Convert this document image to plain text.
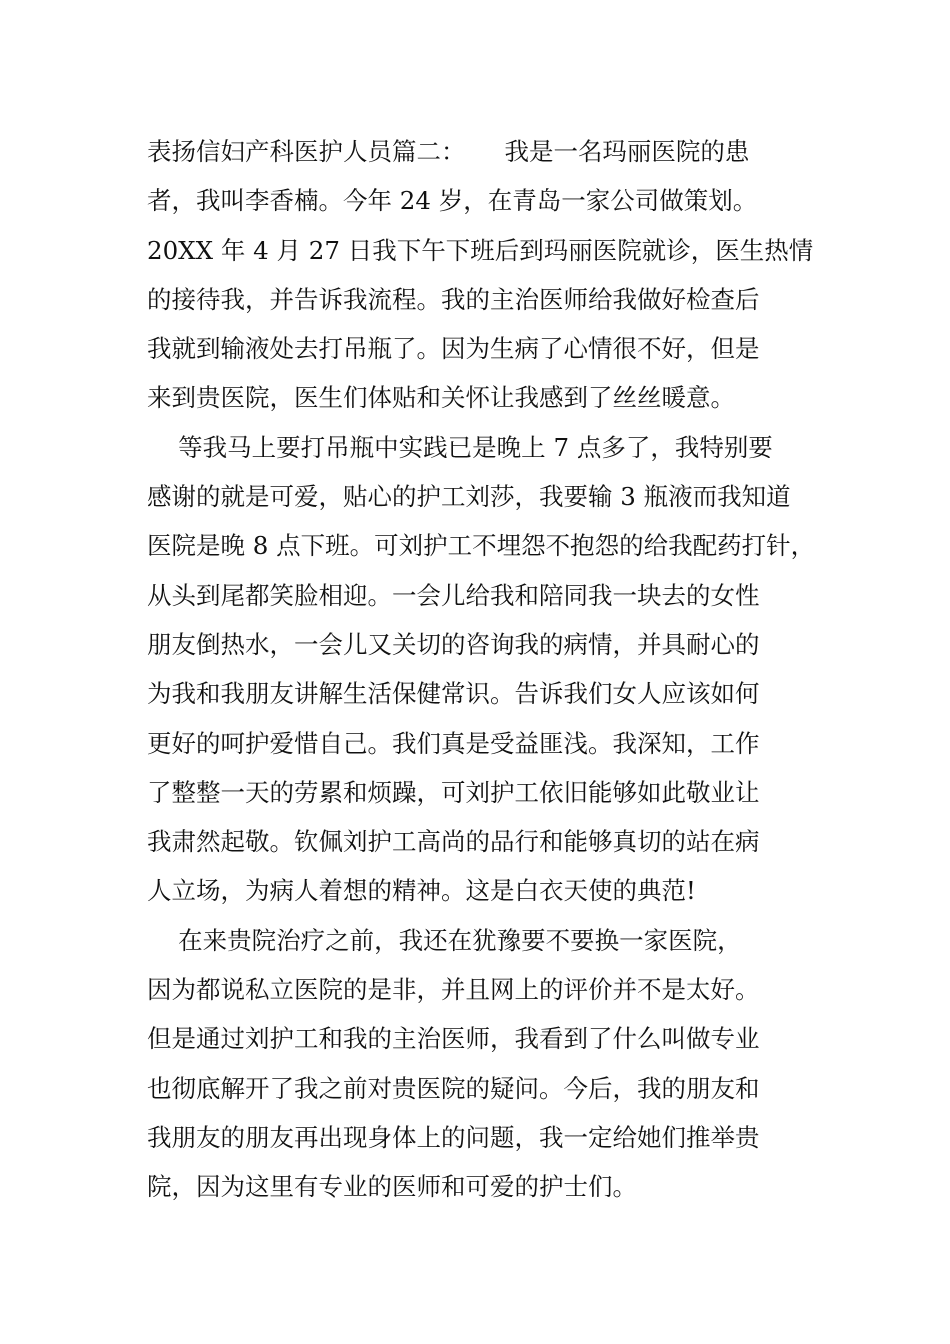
表扬信妇产科医护人员篇二：     我是一名玛丽医院的患
者，我叫李香楠。今年 24 岁，在青岛一家公司做策划。
20XX 年 4 月 27 日我下午下班后到玛丽医院就诊，医生热情
的接待我，并告诉我流程。我的主治医师给我做好检查后
我就到输液处去打吊瓶了。因为生病了心情很不好，但是
来到贵医院，医生们体贴和关怀让我感到了丝丝暖意。

等我马上要打吊瓶中实践已是晚上 7 点多了，我特别要
感谢的就是可爱，贴心的护工刘莎，我要输 3 瓶液而我知道
医院是晚 8 点下班。可刘护工不埋怨不抱怨的给我配药打针，
从头到尾都笑脸相迎。一会儿给我和陪同我一块去的女性
朋友倒热水，一会儿又关切的咨询我的病情，并具耐心的
为我和我朋友讲解生活保健常识。告诉我们女人应该如何
更好的呵护爱惜自己。我们真是受益匪浅。我深知，工作
了整整一天的劳累和烦躁，可刘护工依旧能够如此敬业让
我肃然起敬。钦佩刘护工高尚的品行和能够真切的站在病
人立场，为病人着想的精神。这是白衣天使的典范!

在来贵院治疗之前，我还在犹豫要不要换一家医院，
因为都说私立医院的是非，并且网上的评价并不是太好。
但是通过刘护工和我的主治医师，我看到了什么叫做专业
也彻底解开了我之前对贵医院的疑问。今后，我的朋友和
我朋友的朋友再出现身体上的问题，我一定给她们推举贵
院，因为这里有专业的医师和可爱的护士们。
